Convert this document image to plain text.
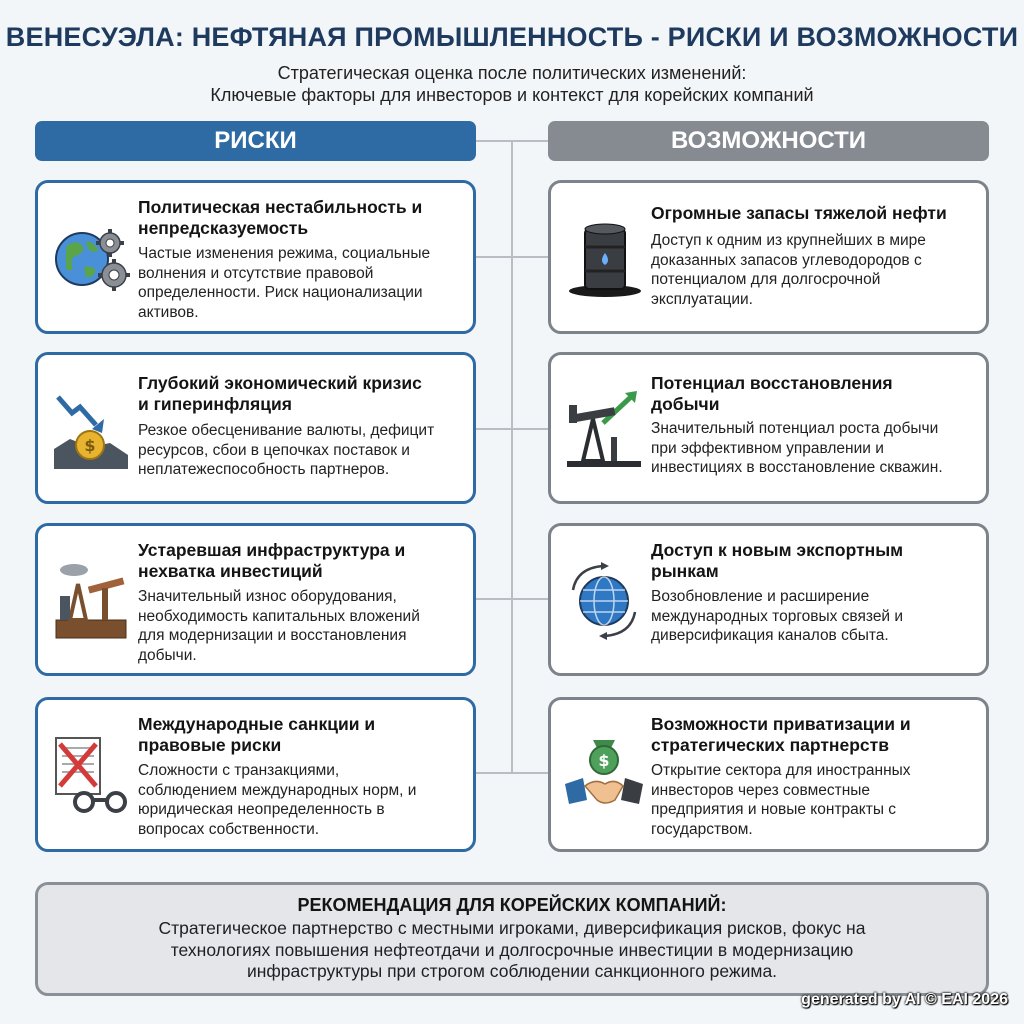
ВЕНЕСУЭЛА: НЕФТЯНАЯ ПРОМЫШЛЕННОСТЬ - РИСКИ И ВОЗМОЖНОСТИ
Стратегическая оценка после политических изменений:
Ключевые факторы для инвесторов и контекст для корейских компаний
РИСКИ	ВОЗМОЖНОСТИ
Политическая нестабильность и
непредсказуемость
Частые изменения режима, социальные
волнения и отсутствие правовой
определенности. Риск национализации
активов.
$
Глубокий экономический кризис
и гиперинфляция
Резкое обесценивание валюты, дефицит
ресурсов, сбои в цепочках поставок и
неплатежеспособность партнеров.
Устаревшая инфраструктура и
нехватка инвестиций
Значительный износ оборудования,
необходимость капитальных вложений
для модернизации и восстановления
добычи.
Международные санкции и
правовые риски
Сложности с транзакциями,
соблюдением международных норм, и
юридическая неопределенность в
вопросах собственности.
Огромные запасы тяжелой нефти
Доступ к одним из крупнейших в мире
доказанных запасов углеводородов с
потенциалом для долгосрочной
эксплуатации.
Потенциал восстановления
добычи
Значительный потенциал роста добычи
при эффективном управлении и
инвестициях в восстановление скважин.
Доступ к новым экспортным
рынкам
Возобновление и расширение
международных торговых связей и
диверсификация каналов сбыта.
$
Возможности приватизации и
стратегических партнерств
Открытие сектора для иностранных
инвесторов через совместные
предприятия и новые контракты с
государством.
РЕКОМЕНДАЦИЯ ДЛЯ КОРЕЙСКИХ КОМПАНИЙ:
Стратегическое партнерство с местными игроками, диверсификация рисков, фокус на
технологиях повышения нефтеотдачи и долгосрочные инвестиции в модернизацию
инфраструктуры при строгом соблюдении санкционного режима.
generated by AI © EAI 2026
